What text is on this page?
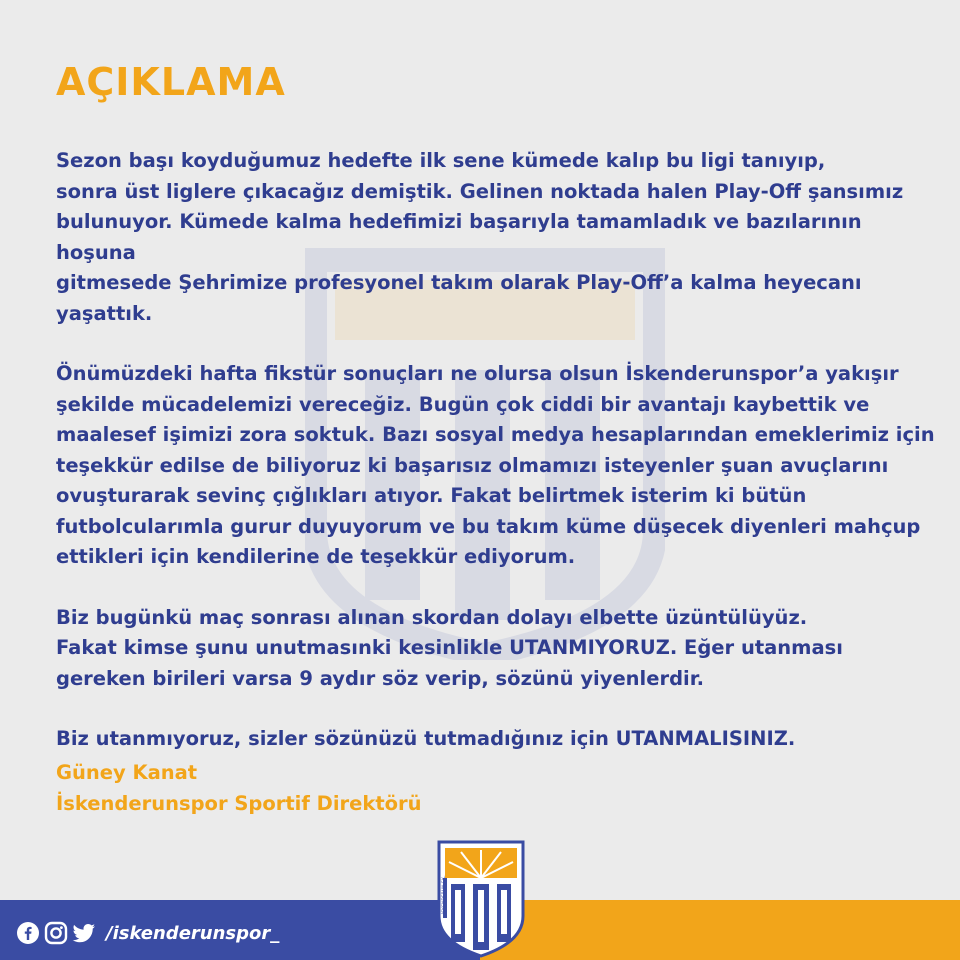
AÇIKLAMA

Sezon başı koyduğumuz hedefte ilk sene kümede kalıp bu ligi tanıyıp,

sonra üst liglere çıkacağız demiştik. Gelinen noktada halen Play-Off şansımız

bulunuyor. Kümede kalma hedefimizi başarıyla tamamladık ve bazılarının hoşuna

gitmesede Şehrimize profesyonel takım olarak Play-Off’a kalma heyecanı

yaşattık.

Önümüzdeki hafta fikstür sonuçları ne olursa olsun İskenderunspor’a yakışır

şekilde mücadelemizi vereceğiz. Bugün çok ciddi bir avantajı kaybettik ve

maalesef işimizi zora soktuk. Bazı sosyal medya hesaplarından emeklerimiz için

teşekkür edilse de biliyoruz ki başarısız olmamızı isteyenler şuan avuçlarını

ovuşturarak sevinç çığlıkları atıyor. Fakat belirtmek isterim ki bütün

futbolcularımla gurur duyuyorum ve bu takım küme düşecek diyenleri mahçup

ettikleri için kendilerine de teşekkür ediyorum.

Biz bugünkü maç sonrası alınan skordan dolayı elbette üzüntülüyüz.

Fakat kimse şunu unutmasınki kesinlikle UTANMIYORUZ. Eğer utanması

gereken birileri varsa 9 aydır söz verip, sözünü yiyenlerdir.

Biz utanmıyoruz, sizler sözünüzü tutmadığınız için UTANMALISINIZ.

Güney Kanat
İskenderunspor Sportif Direktörü
/iskenderunspor_
İSKENDERUN F.K.
